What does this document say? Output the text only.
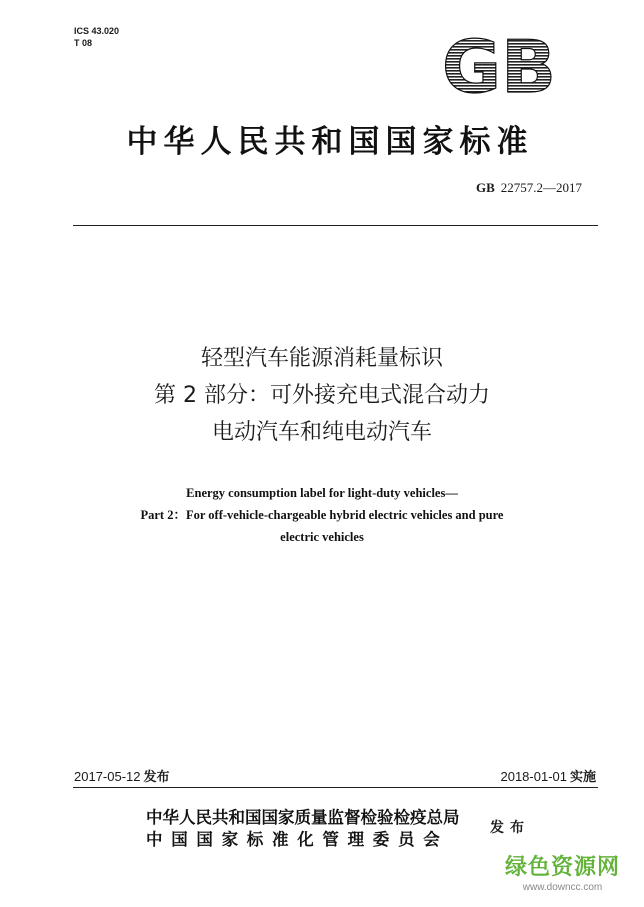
ICS 43.020
T 08	GB
中华人民共和国国家标准
GB 22757.2—2017
轻型汽车能源消耗量标识
第 2 部分：可外接充电式混合动力
电动汽车和纯电动汽车
Energy consumption label for light-duty vehicles—
Part 2：For off-vehicle-chargeable hybrid electric vehicles and pure
electric vehicles
2017-05-12 发布	2018-01-01 实施
中华人民共和国国家质量监督检验检疫总局
中国国家标准化管理委员会
发布
绿色资源网
www.downcc.com
